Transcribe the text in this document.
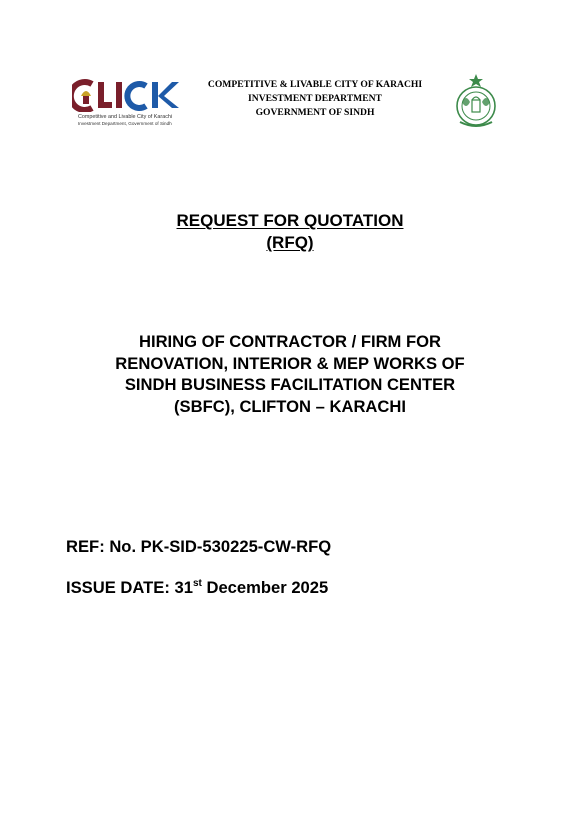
Competitive and Livable City of Karachi
Investment Department, Government of Sindh
COMPETITIVE & LIVABLE CITY OF KARACHI
INVESTMENT DEPARTMENT
GOVERNMENT OF SINDH
REQUEST FOR QUOTATION
(RFQ)
HIRING OF CONTRACTOR / FIRM FOR
RENOVATION, INTERIOR & MEP WORKS OF
SINDH BUSINESS FACILITATION CENTER
(SBFC), CLIFTON – KARACHI
REF: No. PK-SID-530225-CW-RFQ
ISSUE DATE: 31st December 2025
